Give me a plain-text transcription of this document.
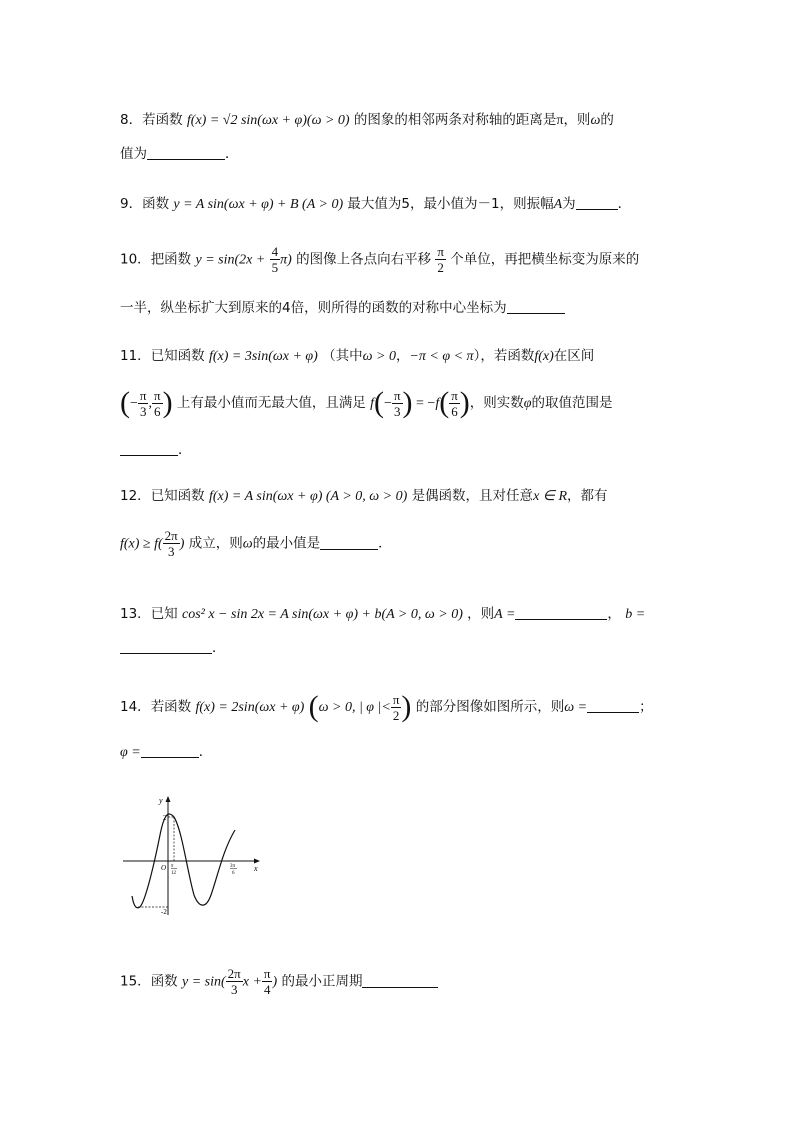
8．若函数 f(x) = √2 sin(ωx + φ)(ω > 0) 的图象的相邻两条对称轴的距离是π，则ω的
值为	．
9．函数 y = A sin(ωx + φ) + B (A > 0) 最大值为5，最小值为－1，则振幅A为	．
10．把函数 $y = \sin(2x + \frac{4}{5} \pi)$ 的图像上各点向右平移 $\frac{\pi}{2}$ 个单位，再把横坐标变为原来的
一半，纵坐标扩大到原来的4倍，则所得的函数的对称中心坐标为
11．已知函数 f(x) = 3sin(ωx + φ) （其中ω > 0，−π < φ < π），若函数f(x)在区间
(− $\frac{\pi}{3}$ , $\frac{\pi}{6}$ ) 上有最小值而无最大值，且满足 $f(- \frac{\pi}{3}$ ) = $-f( \frac{\pi}{6}$ )，则实数φ的取值范围是
．
12．已知函数 f(x) = A sin(ωx + φ) (A > 0, ω > 0) 是偶函数，且对任意x ∈ R，都有
$f(x) \ge f( \frac{2\pi}{3}$ ) 成立，则ω的最小值是	．
13．已知 cos² x − sin 2x = A sin(ωx + φ) + b(A > 0, ω > 0) ，则A =	， b =
．
14．若函数 f(x) = 2sin(ωx + φ) (ω > 0, | φ |< $\frac{\pi}{2}$ ) 的部分图像如图所示，则ω =	；
φ =	．
y
x
O
2
-2
π
12
3π
6
15．函数 $y = \sin( \frac{2\pi}{3}$ $x + \frac{\pi}{4}$ ) 的最小正周期
